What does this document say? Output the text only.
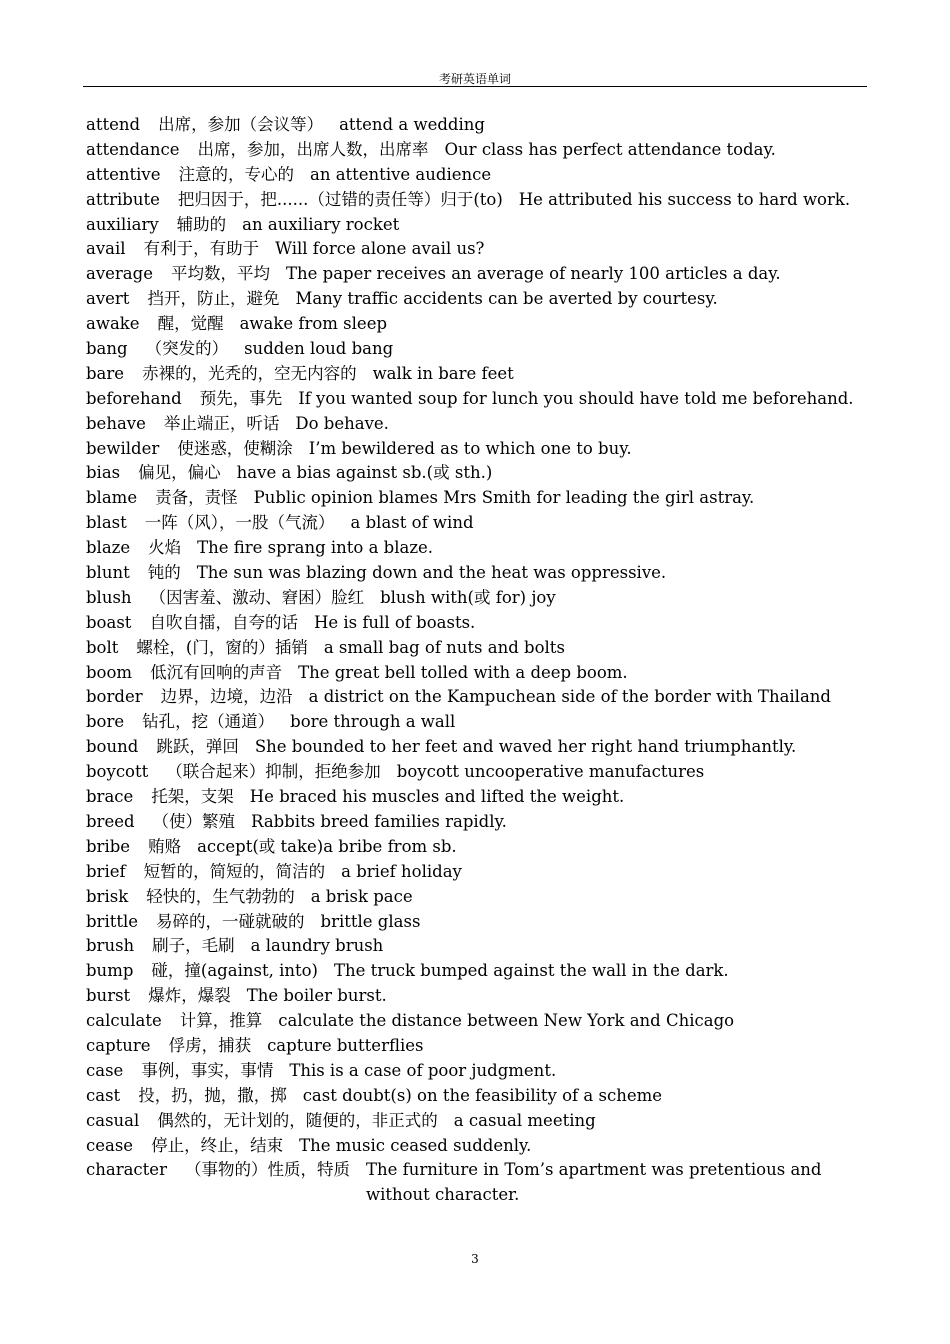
考研英语单词
attend 出席，参加（会议等） attend a wedding
attendance 出席，参加，出席人数，出席率 Our class has perfect attendance today.
attentive 注意的，专心的 an attentive audience
attribute 把归因于，把......（过错的责任等）归于(to) He attributed his success to hard work.
auxiliary 辅助的 an auxiliary rocket
avail 有利于，有助于 Will force alone avail us?
average 平均数，平均 The paper receives an average of nearly 100 articles a day.
avert 挡开，防止，避免 Many traffic accidents can be averted by courtesy.
awake 醒，觉醒 awake from sleep
bang （突发的） sudden loud bang
bare 赤裸的，光秃的，空无内容的 walk in bare feet
beforehand 预先，事先 If you wanted soup for lunch you should have told me beforehand.
behave 举止端正，听话 Do behave.
bewilder 使迷惑，使糊涂 I’m bewildered as to which one to buy.
bias 偏见，偏心 have a bias against sb.(或 sth.)
blame 责备，责怪 Public opinion blames Mrs Smith for leading the girl astray.
blast 一阵（风），一股（气流） a blast of wind
blaze 火焰 The fire sprang into a blaze.
blunt 钝的 The sun was blazing down and the heat was oppressive.
blush （因害羞、激动、窘困）脸红 blush with(或 for) joy
boast 自吹自擂，自夸的话 He is full of boasts.
bolt 螺栓，(门，窗的）插销 a small bag of nuts and bolts
boom 低沉有回响的声音 The great bell tolled with a deep boom.
border 边界，边境，边沿 a district on the Kampuchean side of the border with Thailand
bore 钻孔，挖（通道） bore through a wall
bound 跳跃，弹回 She bounded to her feet and waved her right hand triumphantly.
boycott （联合起来）抑制，拒绝参加 boycott uncooperative manufactures
brace 托架，支架 He braced his muscles and lifted the weight.
breed （使）繁殖 Rabbits breed families rapidly.
bribe 贿赂 accept(或 take)a bribe from sb.
brief 短暂的，简短的，简洁的 a brief holiday
brisk 轻快的，生气勃勃的 a brisk pace
brittle 易碎的，一碰就破的 brittle glass
brush 刷子，毛刷 a laundry brush
bump 碰，撞(against, into) The truck bumped against the wall in the dark.
burst 爆炸，爆裂 The boiler burst.
calculate 计算，推算 calculate the distance between New York and Chicago
capture 俘虏，捕获 capture butterflies
case 事例，事实，事情 This is a case of poor judgment.
cast 投，扔，抛，撒，掷 cast doubt(s) on the feasibility of a scheme
casual 偶然的，无计划的，随便的，非正式的 a casual meeting
cease 停止，终止，结束 The music ceased suddenly.
character （事物的）性质，特质 The furniture in Tom’s apartment was pretentious and without character.
3
